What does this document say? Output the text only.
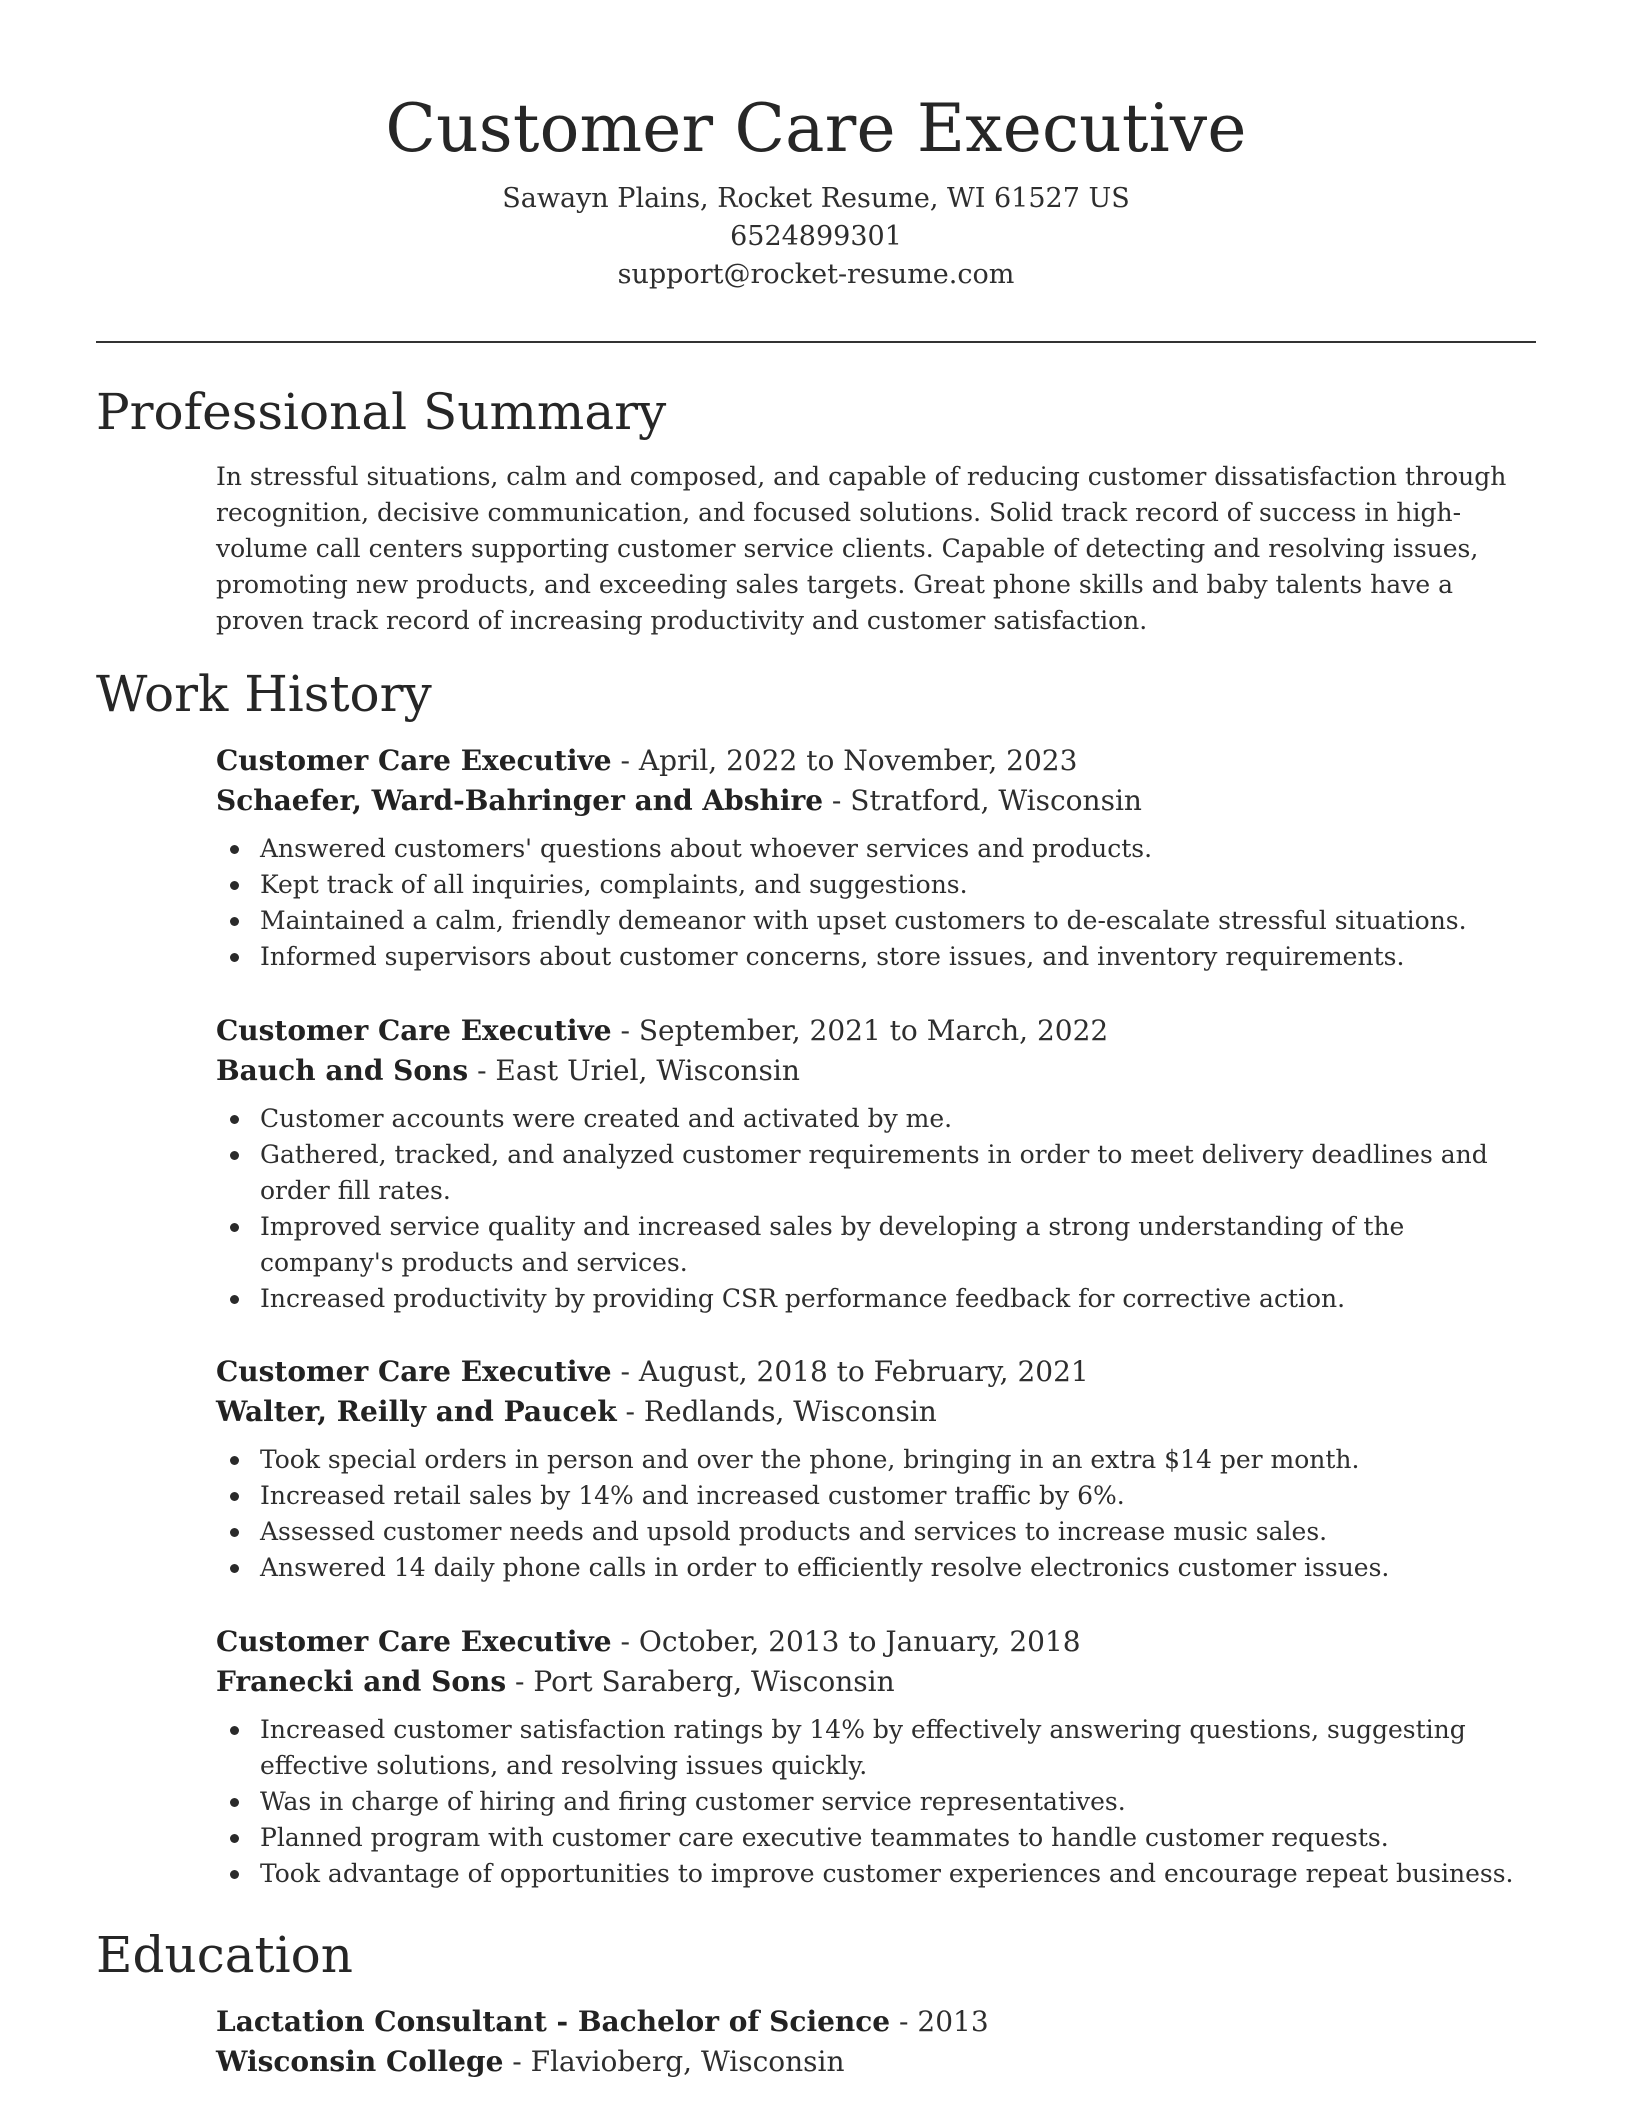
Customer Care Executive
Sawayn Plains, Rocket Resume, WI 61527 US
6524899301
support@rocket-resume.com
Professional Summary

In stressful situations, calm and composed, and capable of reducing customer dissatisfaction through recognition, decisive communication, and focused solutions. Solid track record of success in high-volume call centers supporting customer service clients. Capable of detecting and resolving issues, promoting new products, and exceeding sales targets. Great phone skills and baby talents have a proven track record of increasing productivity and customer satisfaction.

Work History
Customer Care Executive - April, 2022 to November, 2023
Schaefer, Ward-Bahringer and Abshire - Stratford, Wisconsin
Answered customers' questions about whoever services and products.
Kept track of all inquiries, complaints, and suggestions.
Maintained a calm, friendly demeanor with upset customers to de-escalate stressful situations.
Informed supervisors about customer concerns, store issues, and inventory requirements.
Customer Care Executive - September, 2021 to March, 2022
Bauch and Sons - East Uriel, Wisconsin
Customer accounts were created and activated by me.
Gathered, tracked, and analyzed customer requirements in order to meet delivery deadlines and order fill rates.
Improved service quality and increased sales by developing a strong understanding of the company's products and services.
Increased productivity by providing CSR performance feedback for corrective action.
Customer Care Executive - August, 2018 to February, 2021
Walter, Reilly and Paucek - Redlands, Wisconsin
Took special orders in person and over the phone, bringing in an extra $14 per month.
Increased retail sales by 14% and increased customer traffic by 6%.
Assessed customer needs and upsold products and services to increase music sales.
Answered 14 daily phone calls in order to efficiently resolve electronics customer issues.
Customer Care Executive - October, 2013 to January, 2018
Franecki and Sons - Port Saraberg, Wisconsin
Increased customer satisfaction ratings by 14% by effectively answering questions, suggesting effective solutions, and resolving issues quickly.
Was in charge of hiring and firing customer service representatives.
Planned program with customer care executive teammates to handle customer requests.
Took advantage of opportunities to improve customer experiences and encourage repeat business.
Education
Lactation Consultant - Bachelor of Science - 2013
Wisconsin College - Flavioberg, Wisconsin
